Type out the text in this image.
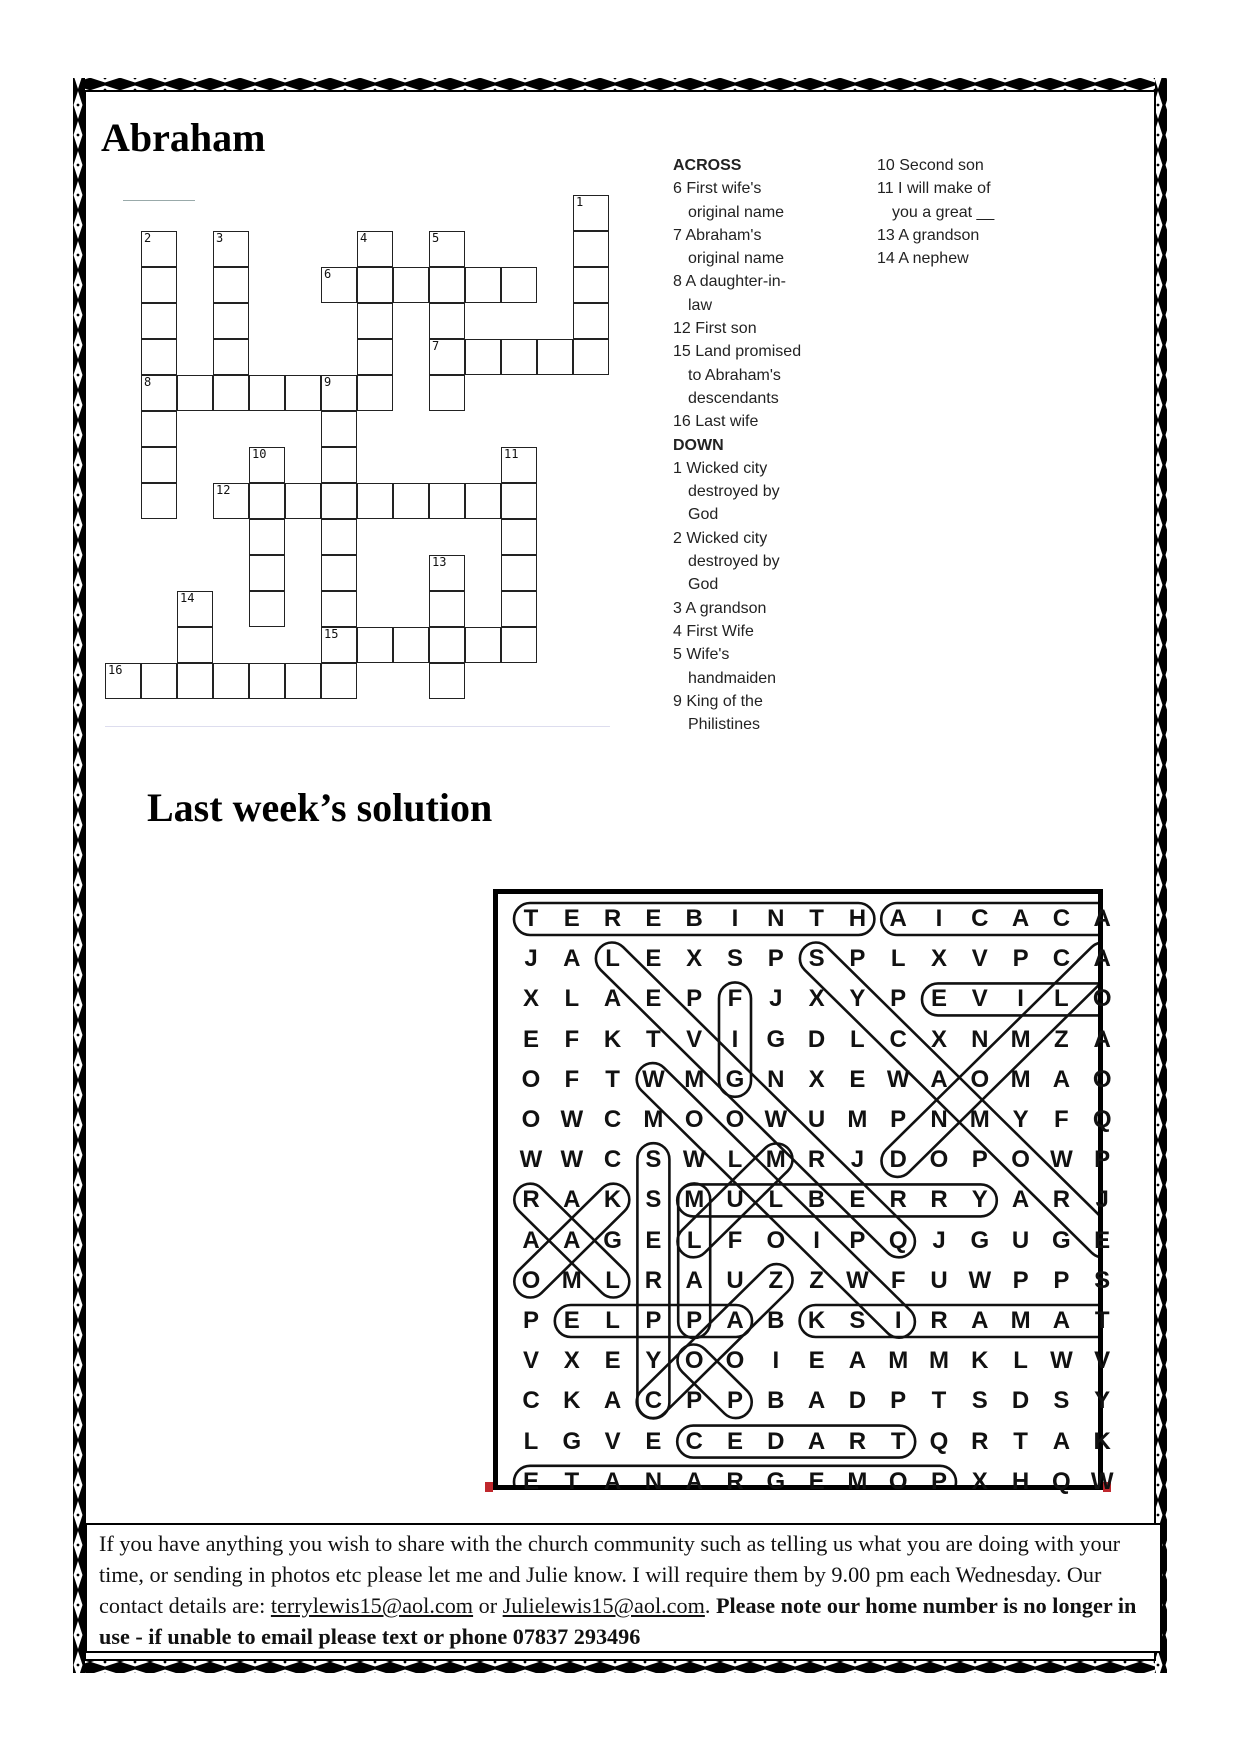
Abraham
1
2
8
3	4	5
7
6
9
15
10	11
12
13
14
16
ACROSS
6 First wife's
original name
7 Abraham's
original name
8 A daughter-in-
law
12 First son
15 Land promised
to Abraham's
descendants
16 Last wife
DOWN
1 Wicked city
destroyed by
God
2 Wicked city
destroyed by
God
3 A grandson
4 First Wife
5 Wife's
handmaiden
9 King of the
Philistines
10 Second son
11 I will make of
you a great __
13 A grandson
14 A nephew
Last week’s solution
T	E	R	E	B	I	N	T	H A	I	C A C A
J	A	L	E	X	S	P	S	P	L	X	V	P	C A
X	L	A	E	P	F	J	X	Y	P	E	V	I	L	O
E	F	K	T	V	I	G D	L	C	X	N M Z	A
O	F	T W M G N	X	E W A O M A O
O W C M O O W U M P	N M Y	F	Q
W W C	S W L M R	J	D O P O W P
R A K	S M U	L	B	E	R R	Y	A R	J
A A G E	L	F	O	I	P Q	J	G U G E
O M L	R A U	Z	Z W F	U W P	P	S
P	E	L	P	P	A B K	S	I	R A M A	T
V	X	E	Y O O	I	E	A M M K	L W V
C K A C	P	P	B A D	P	T	S	D	S	Y
L	G V	E	C	E	D A R	T	Q R	T	A K
E	T	A N A R G E M O P	X	H Q W
If you have anything you wish to share with the church community such as telling us what you are doing with your time, or sending in photos etc please let me and Julie know. I will require them by 9.00 pm each Wednesday. Our contact details are: terrylewis15@aol.com or Julielewis15@aol.com. Please note our home number is no longer in use - if unable to email please text or phone 07837 293496
